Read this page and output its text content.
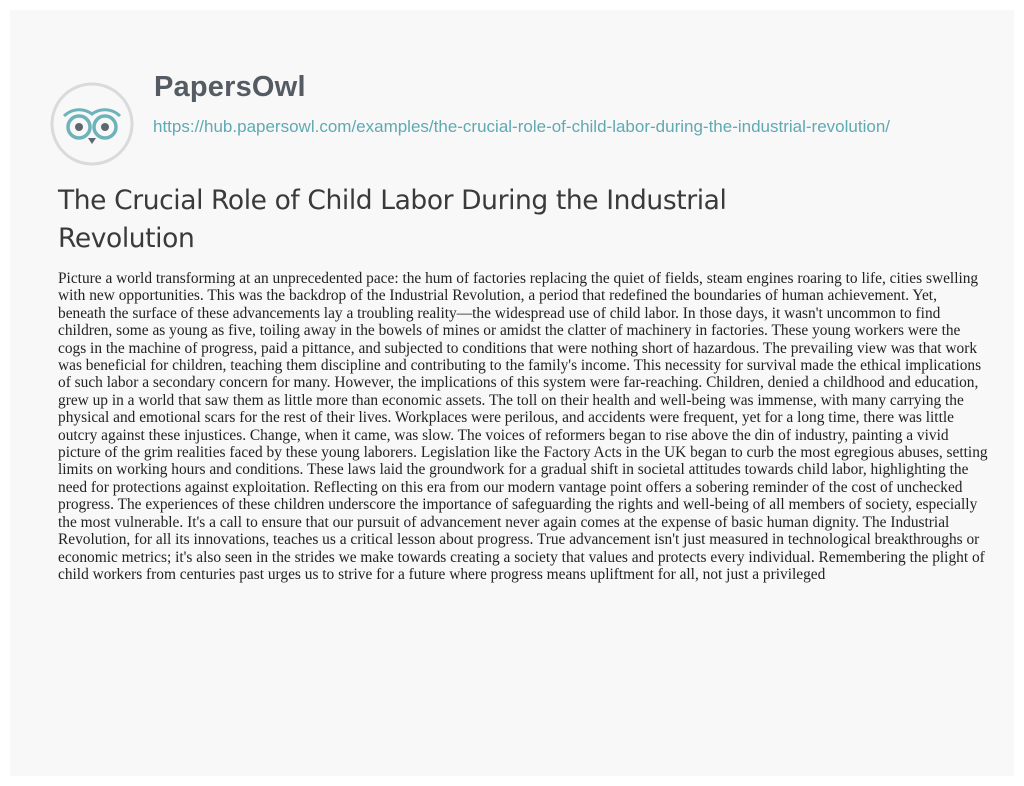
PapersOwl
https://hub.papersowl.com/examples/the-crucial-role-of-child-labor-during-the-industrial-revolution/
The Crucial Role of Child Labor During the Industrial Revolution

Picture a world transforming at an unprecedented pace: the hum of factories replacing the quiet of fields, steam engines roaring to life, cities swelling with new opportunities. This was the backdrop of the Industrial Revolution, a period that redefined the boundaries of human achievement. Yet, beneath the surface of these advancements lay a troubling reality—the widespread use of child labor. In those days, it wasn't uncommon to find children, some as young as five, toiling away in the bowels of mines or amidst the clatter of machinery in factories. These young workers were the cogs in the machine of progress, paid a pittance, and subjected to conditions that were nothing short of hazardous. The prevailing view was that work was beneficial for children, teaching them discipline and contributing to the family's income. This necessity for survival made the ethical implications of such labor a secondary concern for many. However, the implications of this system were far-reaching. Children, denied a childhood and education, grew up in a world that saw them as little more than economic assets. The toll on their health and well-being was immense, with many carrying the physical and emotional scars for the rest of their lives. Workplaces were perilous, and accidents were frequent, yet for a long time, there was little outcry against these injustices. Change, when it came, was slow. The voices of reformers began to rise above the din of industry, painting a vivid picture of the grim realities faced by these young laborers. Legislation like the Factory Acts in the UK began to curb the most egregious abuses, setting limits on working hours and conditions. These laws laid the groundwork for a gradual shift in societal attitudes towards child labor, highlighting the need for protections against exploitation. Reflecting on this era from our modern vantage point offers a sobering reminder of the cost of unchecked progress. The experiences of these children underscore the importance of safeguarding the rights and well-being of all members of society, especially the most vulnerable. It's a call to ensure that our pursuit of advancement never again comes at the expense of basic human dignity. The Industrial Revolution, for all its innovations, teaches us a critical lesson about progress. True advancement isn't just measured in technological breakthroughs or economic metrics; it's also seen in the strides we make towards creating a society that values and protects every individual. Remembering the plight of child workers from centuries past urges us to strive for a future where progress means upliftment for all, not just a privileged
